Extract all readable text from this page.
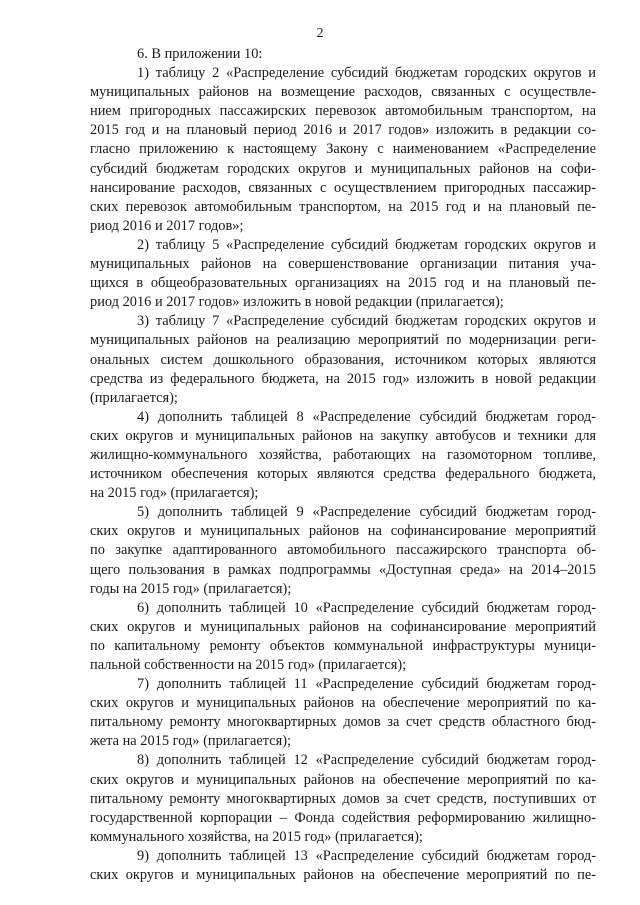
2
6. В приложении 10:
1) таблицу 2 «Распределение субсидий бюджетам городских округов и
муниципальных районов на возмещение расходов, связанных с осуществле-
нием пригородных пассажирских перевозок автомобильным транспортом, на
2015 год и на плановый период 2016 и 2017 годов» изложить в редакции со-
гласно приложению к настоящему Закону с наименованием «Распределение
субсидий бюджетам городских округов и муниципальных районов на софи-
нансирование расходов, связанных с осуществлением пригородных пассажир-
ских перевозок автомобильным транспортом, на 2015 год и на плановый пе-
риод 2016 и 2017 годов»;
2) таблицу 5 «Распределение субсидий бюджетам городских округов и
муниципальных районов на совершенствование организации питания уча-
щихся в общеобразовательных организациях на 2015 год и на плановый пе-
риод 2016 и 2017 годов» изложить в новой редакции (прилагается);
3) таблицу 7 «Распределение субсидий бюджетам городских округов и
муниципальных районов на реализацию мероприятий по модернизации реги-
ональных систем дошкольного образования, источником которых являются
средства из федерального бюджета, на 2015 год» изложить в новой редакции
(прилагается);
4) дополнить таблицей 8 «Распределение субсидий бюджетам город-
ских округов и муниципальных районов на закупку автобусов и техники для
жилищно-коммунального хозяйства, работающих на газомоторном топливе,
источником обеспечения которых являются средства федерального бюджета,
на 2015 год» (прилагается);
5) дополнить таблицей 9 «Распределение субсидий бюджетам город-
ских округов и муниципальных районов на софинансирование мероприятий
по закупке адаптированного автомобильного пассажирского транспорта об-
щего пользования в рамках подпрограммы «Доступная среда» на 2014–2015
годы на 2015 год» (прилагается);
6) дополнить таблицей 10 «Распределение субсидий бюджетам город-
ских округов и муниципальных районов на софинансирование мероприятий
по капитальному ремонту объектов коммунальной инфраструктуры муници-
пальной собственности на 2015 год» (прилагается);
7) дополнить таблицей 11 «Распределение субсидий бюджетам город-
ских округов и муниципальных районов на обеспечение мероприятий по ка-
питальному ремонту многоквартирных домов за счет средств областного бюд-
жета на 2015 год» (прилагается);
8) дополнить таблицей 12 «Распределение субсидий бюджетам город-
ских округов и муниципальных районов на обеспечение мероприятий по ка-
питальному ремонту многоквартирных домов за счет средств, поступивших от
государственной корпорации – Фонда содействия реформированию жилищно-
коммунального хозяйства, на 2015 год» (прилагается);
9) дополнить таблицей 13 «Распределение субсидий бюджетам город-
ских округов и муниципальных районов на обеспечение мероприятий по пе-
